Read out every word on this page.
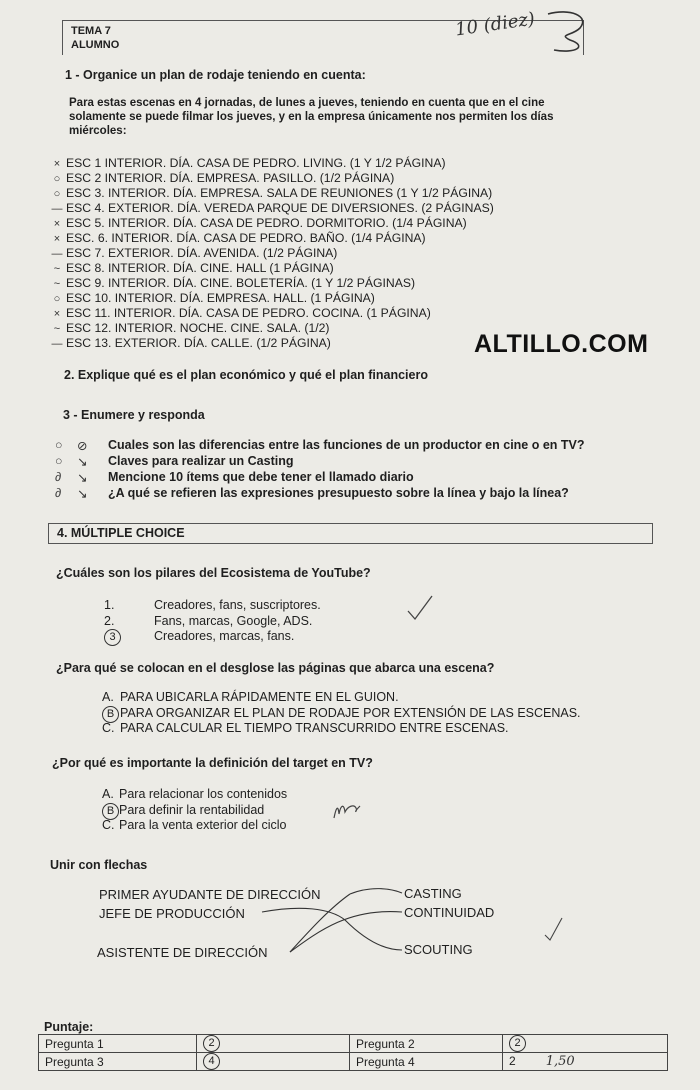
TEMA 7
ALUMNO
10 (diez)
1 - Organice un plan de rodaje teniendo en cuenta:
Para estas escenas en 4 jornadas, de lunes a jueves, teniendo en cuenta que en el cine
solamente se puede filmar los jueves, y en la empresa únicamente nos permiten los días
miércoles:
× ESC 1 INTERIOR. DÍA. CASA DE PEDRO. LIVING. (1 Y 1/2 PÁGINA)
○ ESC 2 INTERIOR. DÍA. EMPRESA. PASILLO. (1/2 PÁGINA)
○ ESC 3. INTERIOR. DÍA. EMPRESA. SALA DE REUNIONES (1 Y 1/2 PÁGINA)
— ESC 4. EXTERIOR. DÍA. VEREDA PARQUE DE DIVERSIONES. (2 PÁGINAS)
× ESC 5. INTERIOR. DÍA. CASA DE PEDRO. DORMITORIO. (1/4 PÁGINA)
× ESC. 6. INTERIOR. DÍA. CASA DE PEDRO. BAÑO. (1/4 PÁGINA)
— ESC 7. EXTERIOR. DÍA. AVENIDA. (1/2 PÁGINA)
~ ESC 8. INTERIOR. DÍA. CINE. HALL (1 PÁGINA)
~ ESC 9. INTERIOR. DÍA. CINE. BOLETERÍA. (1 Y 1/2 PÁGINAS)
○ ESC 10. INTERIOR. DÍA. EMPRESA. HALL. (1 PÁGINA)
× ESC 11. INTERIOR. DÍA. CASA DE PEDRO. COCINA. (1 PÁGINA)
~ ESC 12. INTERIOR. NOCHE. CINE. SALA. (1/2)
— ESC 13. EXTERIOR. DÍA. CALLE. (1/2 PÁGINA)	ALTILLO.COM
2. Explique qué es el plan económico y qué el plan financiero
3 - Enumere y responda
○ ⊘ Cuales son las diferencias entre las funciones de un productor en cine o en TV?
○ ↘ Claves para realizar un Casting
∂ ↘ Mencione 10 ítems que debe tener el llamado diario
∂ ↘ ¿A qué se refieren las expresiones presupuesto sobre la línea y bajo la línea?
4. MÚLTIPLE CHOICE
¿Cuáles son los pilares del Ecosistema de YouTube?
1.	Creadores, fans, suscriptores.
2.	Fans, marcas, Google, ADS.
3	Creadores, marcas, fans.
¿Para qué se colocan en el desglose las páginas que abarca una escena?
A. PARA UBICARLA RÁPIDAMENTE EN EL GUION.
B PARA ORGANIZAR EL PLAN DE RODAJE POR EXTENSIÓN DE LAS ESCENAS.
C. PARA CALCULAR EL TIEMPO TRANSCURRIDO ENTRE ESCENAS.
¿Por qué es importante la definición del target en TV?
A. Para relacionar los contenidos
B Para definir la rentabilidad
C. Para la venta exterior del ciclo
Unir con flechas
PRIMER AYUDANTE DE DIRECCIÓN
JEFE DE PRODUCCIÓN
ASISTENTE DE DIRECCIÓN
CASTING
CONTINUIDAD
SCOUTING
Puntaje:
Pregunta 1	2	Pregunta 2	2
Pregunta 3	4	Pregunta 4	2 1,50
